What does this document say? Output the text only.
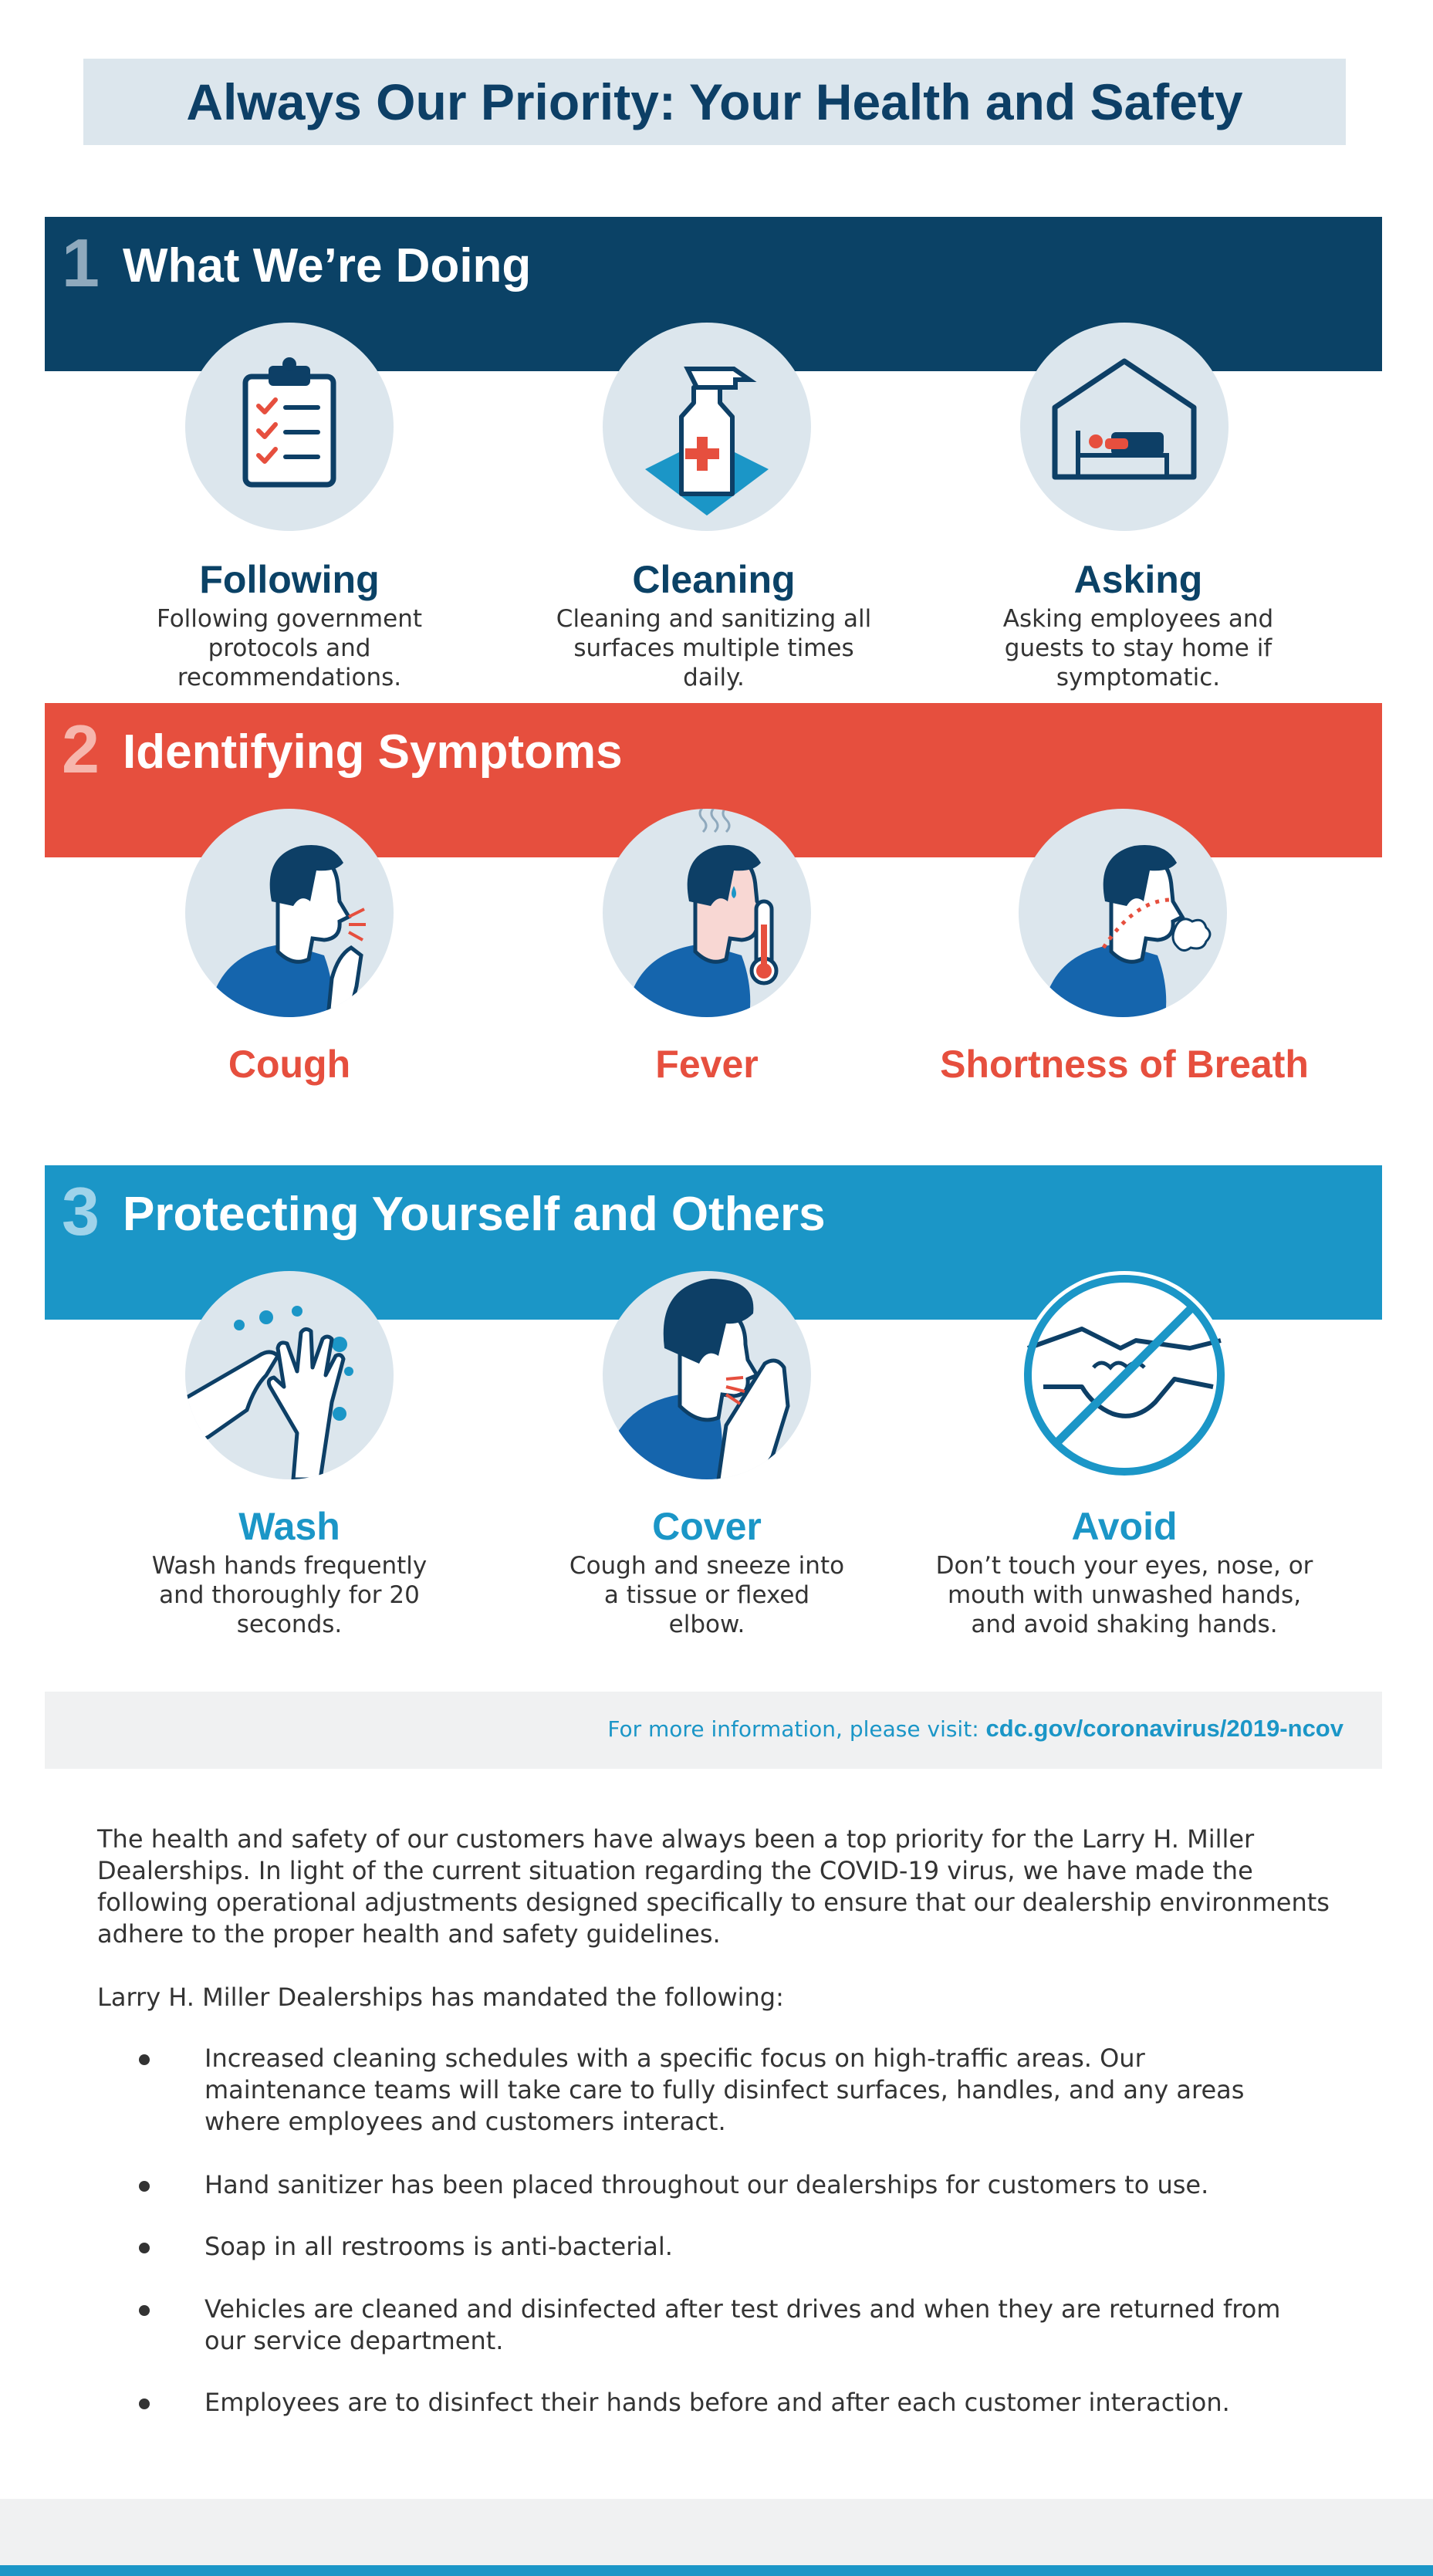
Always Our Priority: Your Health and Safety
1 What We’re Doing
Following
Following government protocols and recommendations.
Cleaning
Cleaning and sanitizing all surfaces multiple times daily.
Asking
Asking employees and guests to stay home if symptomatic.
2 Identifying Symptoms
Cough	Fever	Shortness of Breath
3 Protecting Yourself and Others
Wash
Wash hands frequently and thoroughly for 20 seconds.
Cover
Cough and sneeze into a tissue or flexed elbow.
Avoid
Don’t touch your eyes, nose, or mouth with unwashed hands, and avoid shaking hands.
For more information, please visit: cdc.gov/coronavirus/2019-ncov
The health and safety of our customers have always been a top priority for the Larry H. Miller Dealerships. In light of the current situation regarding the COVID-19 virus, we have made the following operational adjustments designed specifically to ensure that our dealership environments adhere to the proper health and safety guidelines.
Larry H. Miller Dealerships has mandated the following:
Increased cleaning schedules with a specific focus on high-traffic areas. Our maintenance teams will take care to fully disinfect surfaces, handles, and any areas where employees and customers interact.
Hand sanitizer has been placed throughout our dealerships for customers to use.
Soap in all restrooms is anti-bacterial.
Vehicles are cleaned and disinfected after test drives and when they are returned from our service department.
Employees are to disinfect their hands before and after each customer interaction.
